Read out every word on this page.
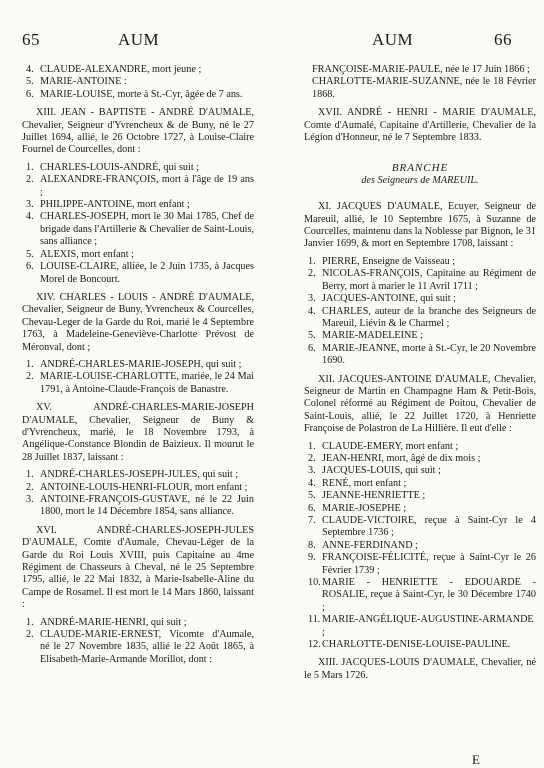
65	AUM	AUM	66
4. CLAUDE-ALEXANDRE, mort jeune ;
5. MARIE-ANTOINE :
6. MARIE-LOUISE, morte à St.-Cyr, âgée de 7 ans.

XIII. JEAN - BAPTISTE - ANDRÉ D'AUMALE, Chevalier, Seigneur d'Yvrencheux & de Buny, né le 27 Juillet 1694, allié, le 26 Octobre 1727, à Louise-Claire Fournel de Courcelles, dont :

1. CHARLES-LOUIS-ANDRÉ, qui suit ;
2. ALEXANDRE-FRANÇOIS, mort à l'âge de 19 ans ;
3. PHILIPPE-ANTOINE, mort enfant ;
4. CHARLES-JOSEPH, mort le 30 Mai 1785, Chef de brigade dans l'Artillerie & Chevalier de Saint-Louis, sans alliance ;
5. ALEXIS, mort enfant ;
6. LOUISE-CLAIRE, alliée, le 2 Juin 1735, à Jacques Morel de Boncourt.

XIV. CHARLES - LOUIS - ANDRÉ D'AUMALE, Chevalier, Seigneur de Buny, Yvrencheux & Courcelles, Chevau-Leger de la Garde du Roi, marié le 4 Septembre 1763, à Madeleine-Geneviève-Charlotte Prévost de Méronval, dont ;

1. ANDRÉ-CHARLES-MARIE-JOSEPH, qui suit ;
2. MARIE-LOUISE-CHARLOTTE, mariée, le 24 Mai 1791, à Antoine-Claude-François de Banastre.

XV. ANDRÉ-CHARLES-MARIE-JOSEPH D'AUMALE, Chevalier, Seigneur de Buny & d'Yvrencheux, marié, le 18 Novembre 1793, à Angélique-Constance Blondin de Baizieux. Il mourut le 28 Juillet 1837, laissant :

1. ANDRÉ-CHARLES-JOSEPH-JULES, qui suit ;
2. ANTOINE-LOUIS-HENRI-FLOUR, mort enfant ;
3. ANTOINE-FRANÇOIS-GUSTAVE, né le 22 Juin 1800, mort le 14 Décembre 1854, sans alliance.

XVI. ANDRÉ-CHARLES-JOSEPH-JULES D'AUMALE, Comte d'Aumale, Chevau-Léger de la Garde du Roi Louis XVIII, puis Capitaine au 4me Régiment de Chasseurs à Cheval, né le 25 Septembre 1795, allié, le 22 Mai 1832, à Marie-Isabelle-Aline du Campe de Rosamel. Il est mort le 14 Mars 1860, laissant :

1. ANDRÉ-MARIE-HENRI, qui suit ;
2. CLAUDE-MARIE-ERNEST, Vicomte d'Aumale, né le 27 Novembre 1835, allié le 22 Août 1865, à Elisabeth-Marie-Armande Morillot, dont :

FRANÇOISE-MARIE-PAULE, née le 17 Juin 1866 ;

CHARLOTTE-MARIE-SUZANNE, née le 18 Février 1868.

XVII. ANDRÉ - HENRI - MARIE D'AUMALE, Comte d'Aumalé, Capitaine d'Artillerie, Chevalier de la Légion d'Honneur, né le 7 Septembre 1833.

BRANCHE

des Seigneurs de MAREUIL.

XI. JACQUES D'AUMALE, Ecuyer, Seigneur de Mareuil, allié, le 10 Septembre 1675, à Suzanne de Courcelles, maintenu dans la Noblesse par Bignon, le 31 Janvier 1699, & mort en Septembre 1708, laissant :

1. PIERRE, Enseigne de Vaisseau ;
2. NICOLAS-FRANÇOIS, Capitaine au Régiment de Berry, mort à marier le 11 Avril 1711 ;
3. JACQUES-ANTOINE, qui suit ;
4. CHARLES, auteur de la branche des Seigneurs de Mareuil, Liévin & le Charmel ;
5. MARIE-MADELEINE ;
6. MARIE-JEANNE, morte à St.-Cyr, le 20 Novembre 1690.

XII. JACQUES-ANTOINE D'AUMALE, Chevalier, Seigneur de Martin en Champagne Ham & Petit-Bois, Colonel réformé au Régiment de Poitou, Chevalier de Saint-Louis, allié, le 22 Juillet 1720, à Henriette Françoise de Polastron de La Hillière. Il eut d'elle :

1. CLAUDE-EMERY, mort enfant ;
2. JEAN-HENRI, mort, âgé de dix mois ;
3. JACQUES-LOUIS, qui suit ;
4. RENÉ, mort enfant ;
5. JEANNE-HENRIETTE ;
6. MARIE-JOSEPHE ;
7. CLAUDE-VICTOIRE, reçue à Saint-Cyr le 4 Septembre 1736 ;
8. ANNE-FERDINAND ;
9. FRANÇOISE-FÉLICITÉ, reçue à Saint-Cyr le 26 Février 1739 ;
10. MARIE - HENRIETTE - EDOUARDE - ROSALIE, reçue à Saint-Cyr, le 30 Décembre 1740 ;
11. MARIE-ANGÉLIQUE-AUGUSTINE-ARMANDE ;
12. CHARLOTTE-DENISE-LOUISE-PAULINE.

XIII. JACQUES-LOUIS D'AUMALE, Chevalier, né le 5 Mars 1726.

E
